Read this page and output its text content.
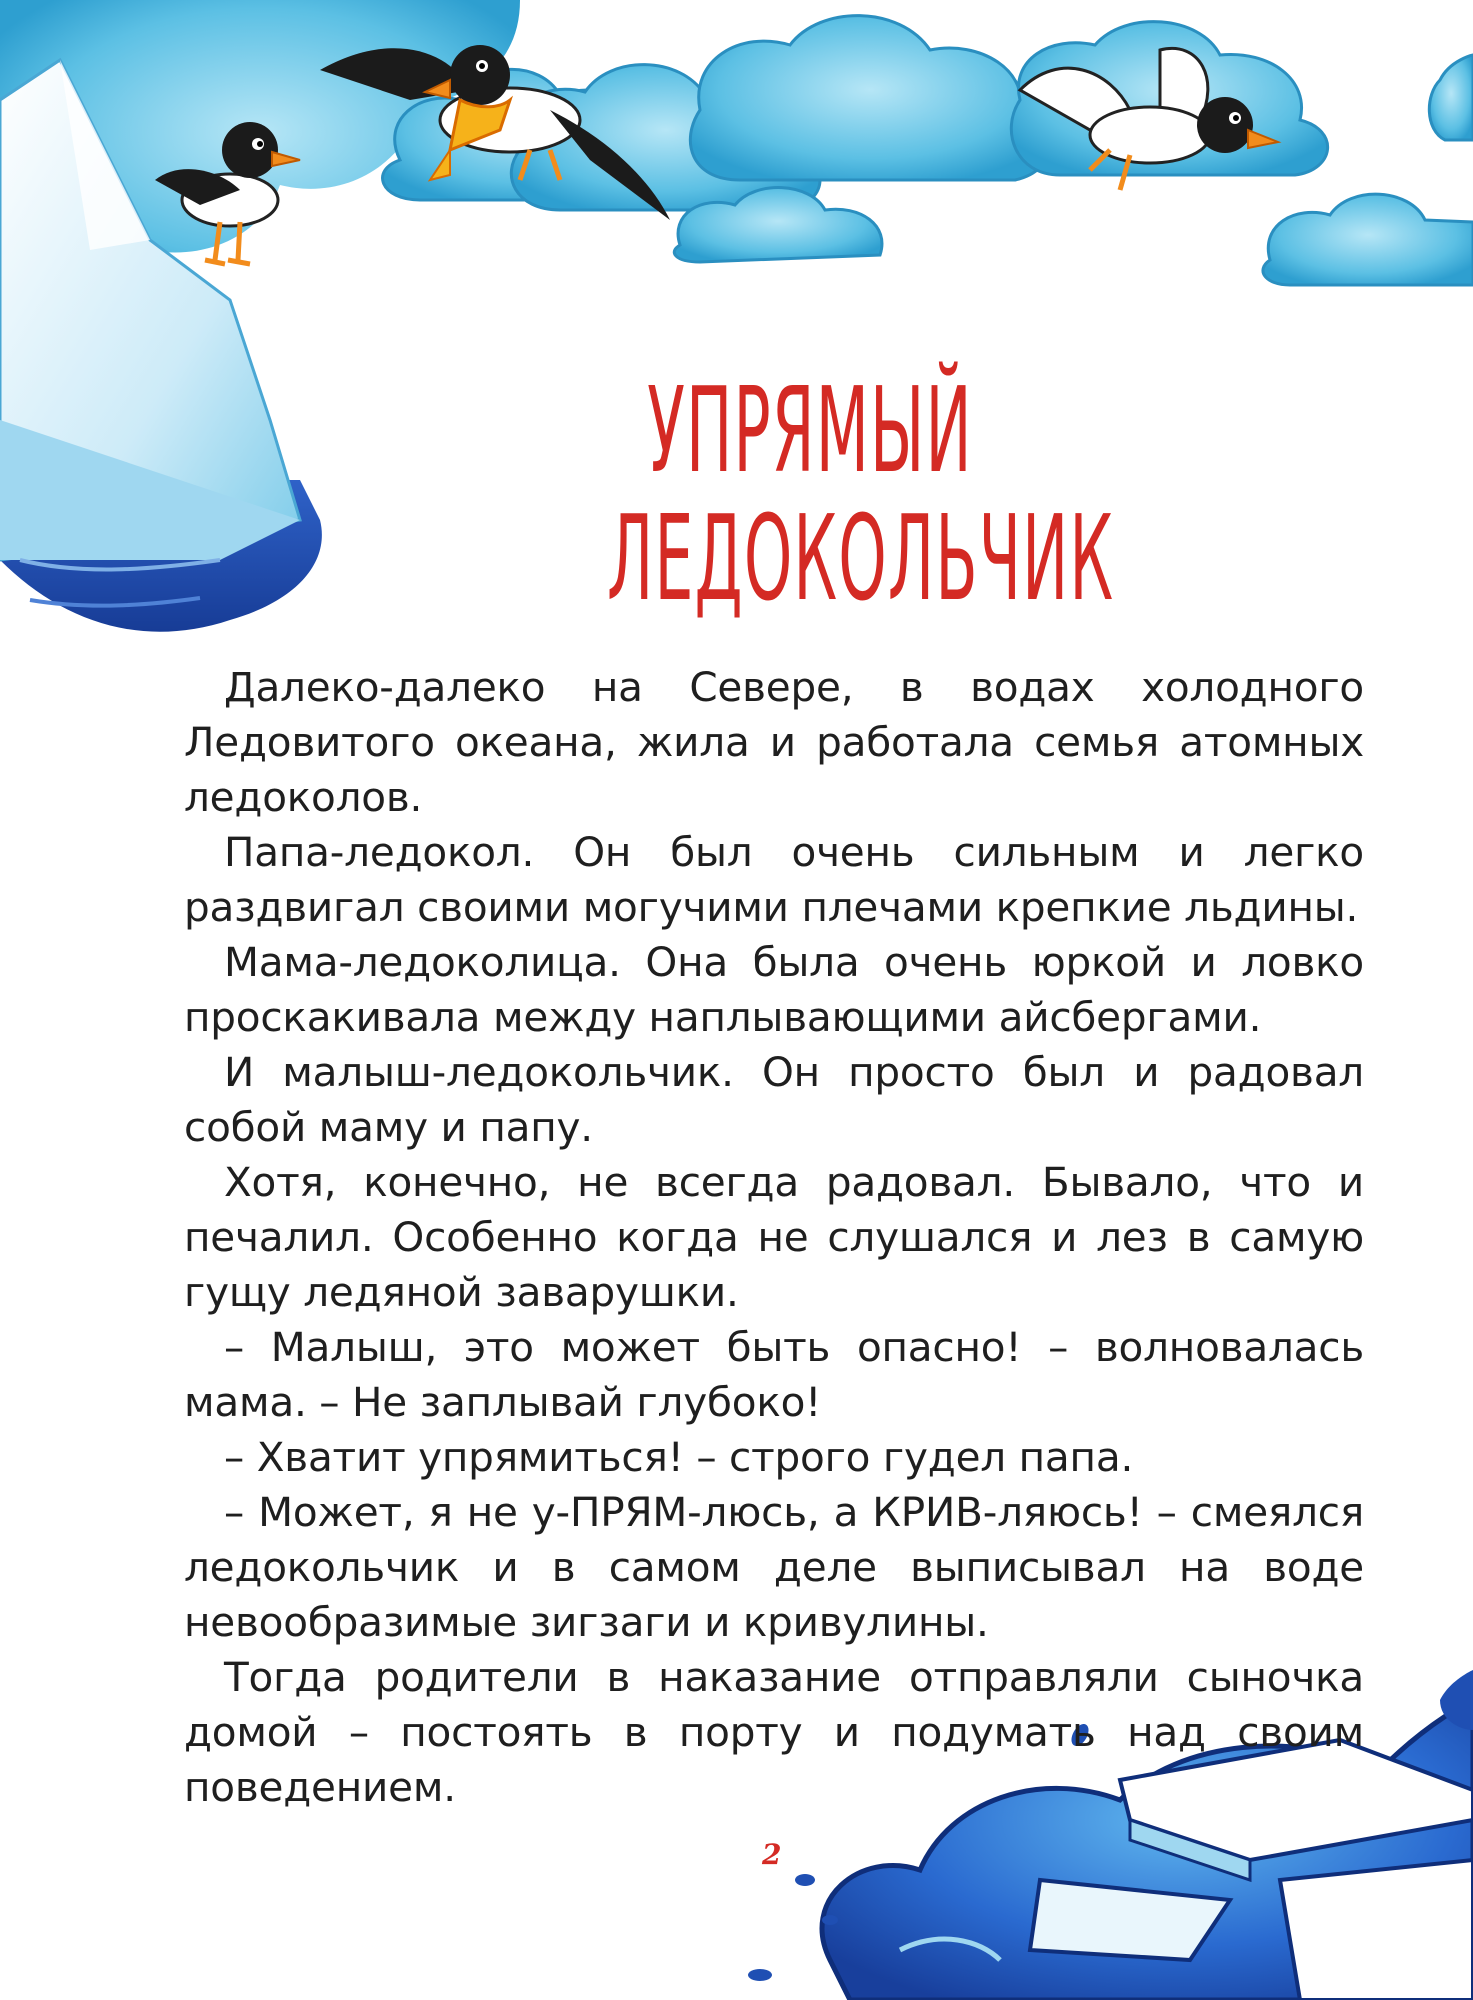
УПРЯМЫЙ
ЛЕДОКОЛЬЧИК

Далеко-далеко на Севере, в водах холодного Ледовитого океана, жила и работала семья атомных ледоколов.

Папа-ледокол. Он был очень сильным и легко раздвигал своими могучими плечами крепкие льдины.

Мама-ледоколица. Она была очень юркой и ловко проскакивала между наплывающими айсбергами.

И малыш-ледокольчик. Он просто был и радовал собой маму и папу.

Хотя, конечно, не всегда радовал. Бывало, что и печалил. Особенно когда не слушался и лез в самую гущу ледяной заварушки.

– Малыш, это может быть опасно! – волновалась мама. – Не заплывай глубоко!

– Хватит упрямиться! – строго гудел папа.

– Может, я не у-ПРЯМ-люсь, а КРИВ-ляюсь! – смеялся ледокольчик и в самом деле выписывал на воде невообразимые зигзаги и кривулины.

Тогда родители в наказание отправляли сыночка домой – постоять в порту и подумать над своим поведением.

2
